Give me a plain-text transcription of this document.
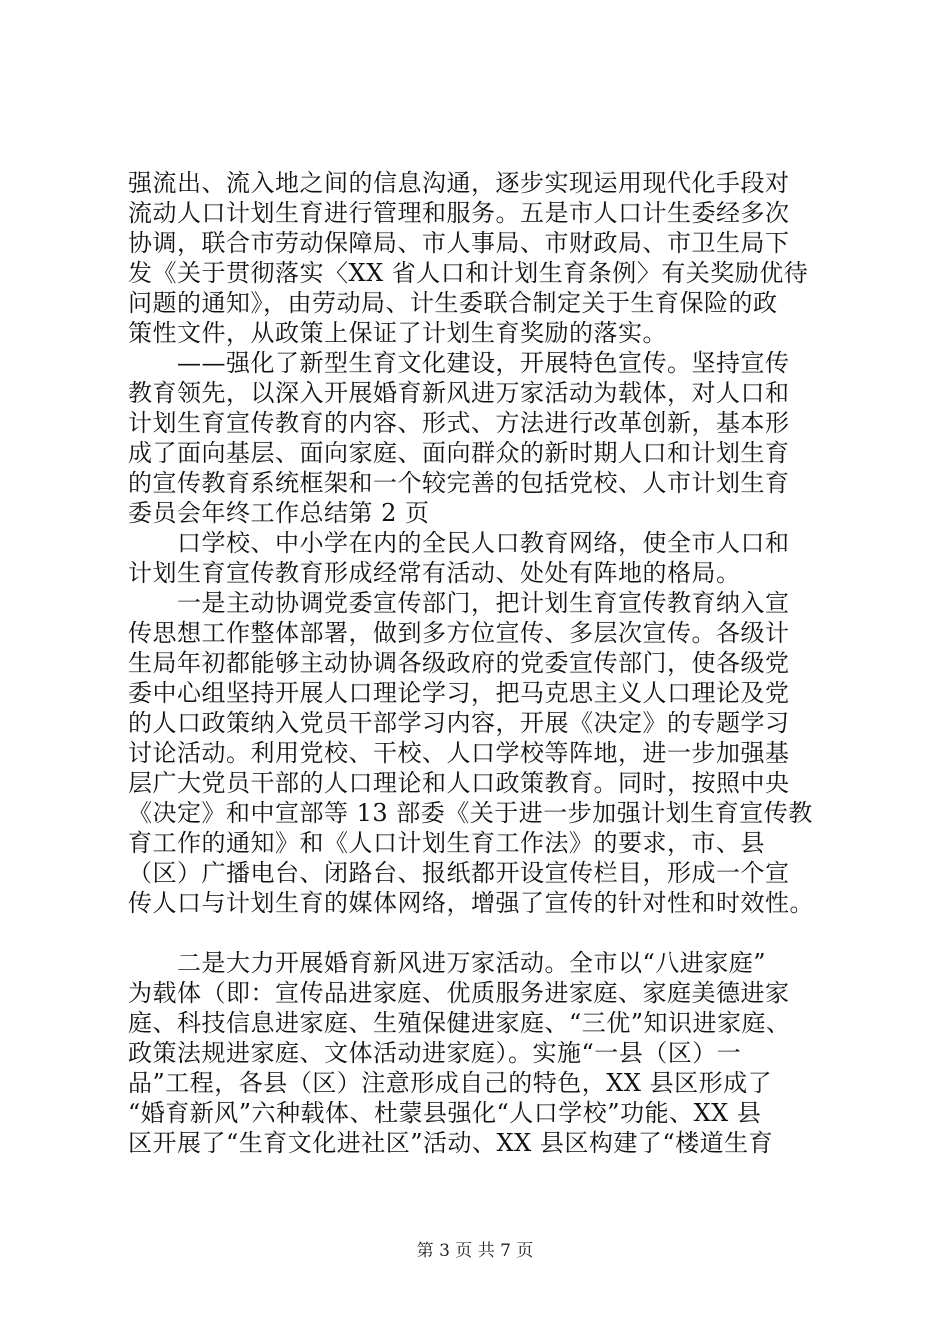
强流出、流入地之间的信息沟通，逐步实现运用现代化手段对
流动人口计划生育进行管理和服务。五是市人口计生委经多次
协调，联合市劳动保障局、市人事局、市财政局、市卫生局下
发《关于贯彻落实〈XX 省人口和计划生育条例〉有关奖励优待
问题的通知》，由劳动局、计生委联合制定关于生育保险的政
策性文件，从政策上保证了计划生育奖励的落实。
　　——强化了新型生育文化建设，开展特色宣传。坚持宣传
教育领先，以深入开展婚育新风进万家活动为载体，对人口和
计划生育宣传教育的内容、形式、方法进行改革创新，基本形
成了面向基层、面向家庭、面向群众的新时期人口和计划生育
的宣传教育系统框架和一个较完善的包括党校、人市计划生育
委员会年终工作总结第 2 页
　　口学校、中小学在内的全民人口教育网络，使全市人口和
计划生育宣传教育形成经常有活动、处处有阵地的格局。
　　一是主动协调党委宣传部门，把计划生育宣传教育纳入宣
传思想工作整体部署，做到多方位宣传、多层次宣传。各级计
生局年初都能够主动协调各级政府的党委宣传部门，使各级党
委中心组坚持开展人口理论学习，把马克思主义人口理论及党
的人口政策纳入党员干部学习内容，开展《决定》的专题学习
讨论活动。利用党校、干校、人口学校等阵地，进一步加强基
层广大党员干部的人口理论和人口政策教育。同时，按照中央
《决定》和中宣部等 13 部委《关于进一步加强计划生育宣传教
育工作的通知》和《人口计划生育工作法》的要求，市、县
（区）广播电台、闭路台、报纸都开设宣传栏目，形成一个宣
传人口与计划生育的媒体网络，增强了宣传的针对性和时效性。
　　二是大力开展婚育新风进万家活动。全市以“八进家庭”
为载体（即：宣传品进家庭、优质服务进家庭、家庭美德进家
庭、科技信息进家庭、生殖保健进家庭、“三优”知识进家庭、
政策法规进家庭、文体活动进家庭）。实施“一县（区）一
品”工程，各县（区）注意形成自己的特色，XX 县区形成了
“婚育新风”六种载体、杜蒙县强化“人口学校”功能、XX 县
区开展了“生育文化进社区”活动、XX 县区构建了“楼道生育
第 3 页 共 7 页
